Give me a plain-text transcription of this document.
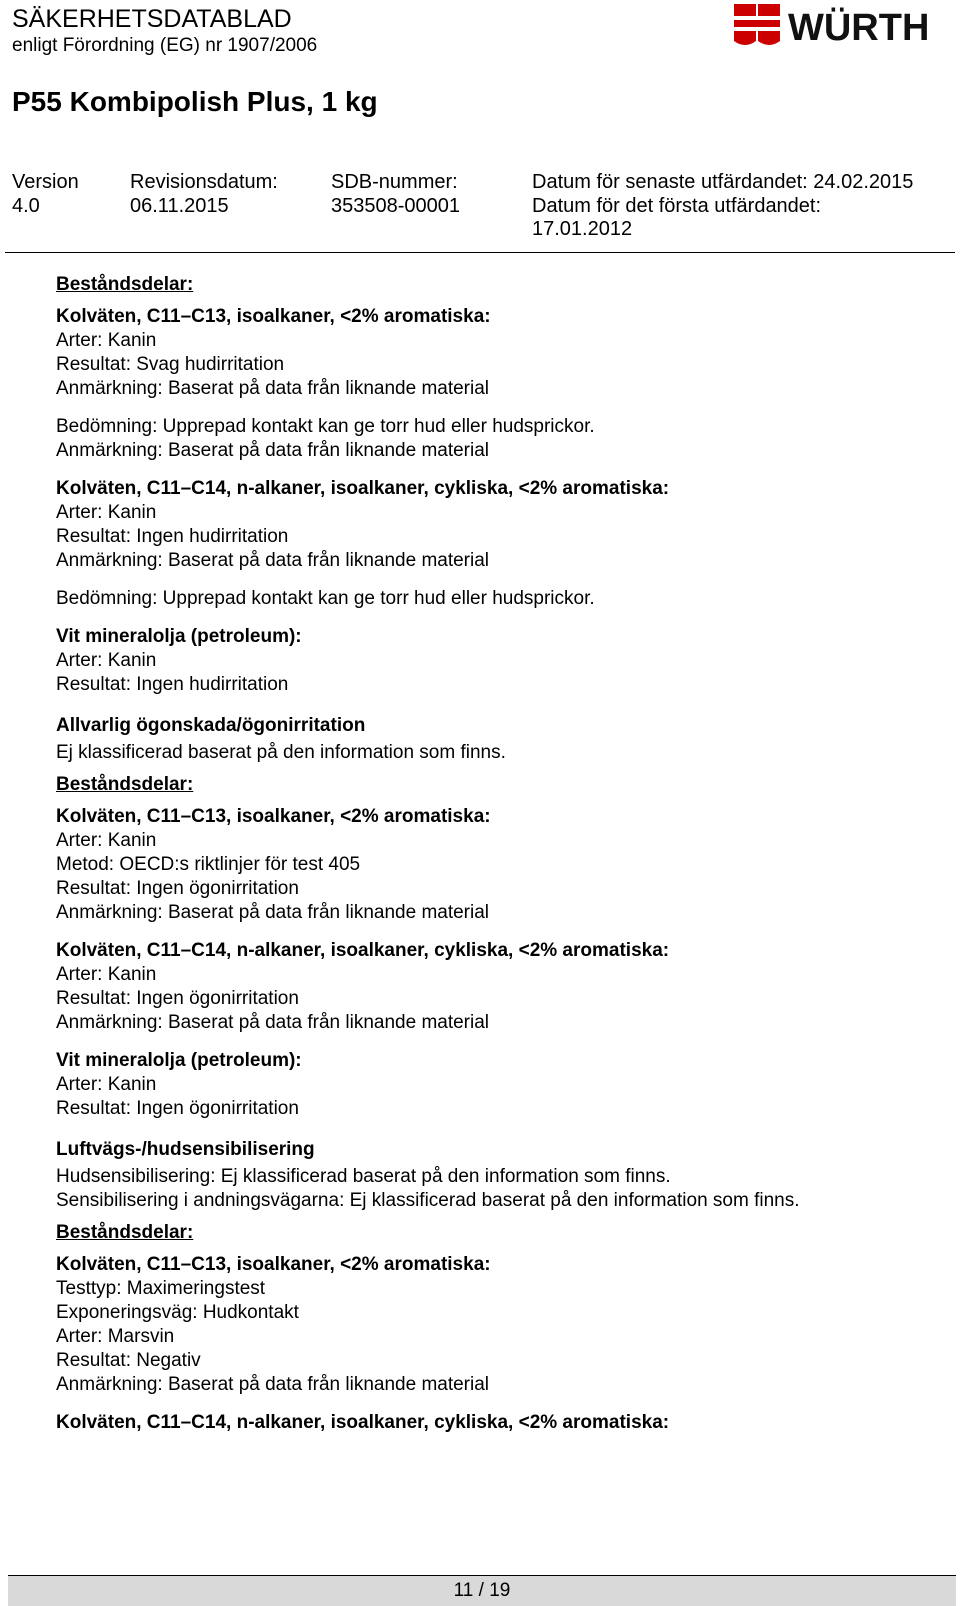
SÄKERHETSDATABLAD
enligt Förordning (EG) nr 1907/2006	WÜRTH
P55 Kombipolish Plus, 1 kg
Version
4.0
Revisionsdatum:
06.11.2015
SDB-nummer:
353508-00001
Datum för senaste utfärdandet: 24.02.2015
Datum för det första utfärdandet:
17.01.2012
Beståndsdelar:
Kolväten, C11–C13, isoalkaner, <2% aromatiska:
Arter: Kanin
Resultat: Svag hudirritation
Anmärkning: Baserat på data från liknande material
Bedömning: Upprepad kontakt kan ge torr hud eller hudsprickor.
Anmärkning: Baserat på data från liknande material
Kolväten, C11–C14, n-alkaner, isoalkaner, cykliska, <2% aromatiska:
Arter: Kanin
Resultat: Ingen hudirritation
Anmärkning: Baserat på data från liknande material
Bedömning: Upprepad kontakt kan ge torr hud eller hudsprickor.
Vit mineralolja (petroleum):
Arter: Kanin
Resultat: Ingen hudirritation
Allvarlig ögonskada/ögonirritation
Ej klassificerad baserat på den information som finns.
Beståndsdelar:
Kolväten, C11–C13, isoalkaner, <2% aromatiska:
Arter: Kanin
Metod: OECD:s riktlinjer för test 405
Resultat: Ingen ögonirritation
Anmärkning: Baserat på data från liknande material
Kolväten, C11–C14, n-alkaner, isoalkaner, cykliska, <2% aromatiska:
Arter: Kanin
Resultat: Ingen ögonirritation
Anmärkning: Baserat på data från liknande material
Vit mineralolja (petroleum):
Arter: Kanin
Resultat: Ingen ögonirritation
Luftvägs-/hudsensibilisering
Hudsensibilisering: Ej klassificerad baserat på den information som finns.
Sensibilisering i andningsvägarna: Ej klassificerad baserat på den information som finns.
Beståndsdelar:
Kolväten, C11–C13, isoalkaner, <2% aromatiska:
Testtyp: Maximeringstest
Exponeringsväg: Hudkontakt
Arter: Marsvin
Resultat: Negativ
Anmärkning: Baserat på data från liknande material
Kolväten, C11–C14, n-alkaner, isoalkaner, cykliska, <2% aromatiska:
11 / 19
